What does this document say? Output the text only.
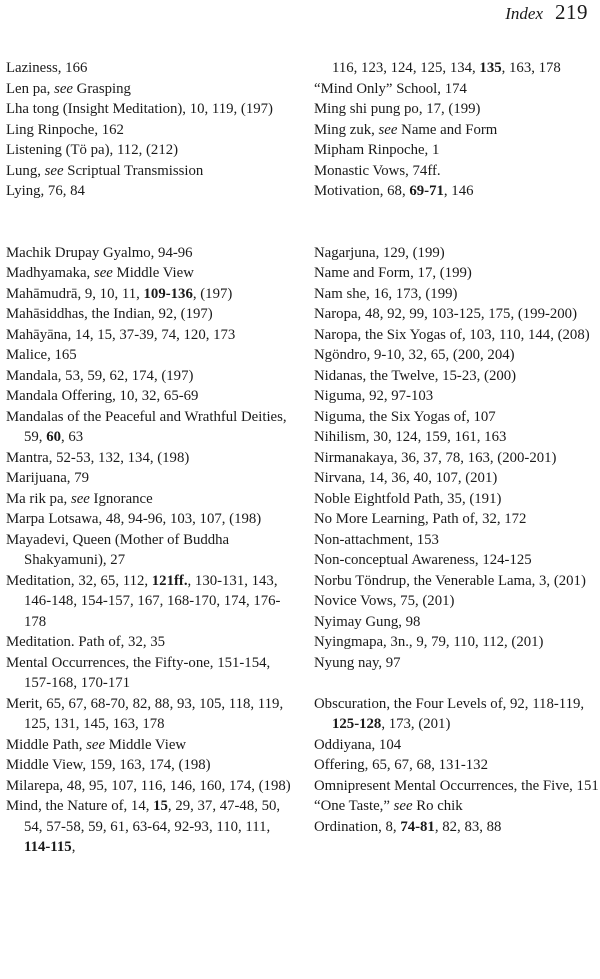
Index 219
Laziness, 166
Len pa, see Grasping
Lha tong (Insight Meditation), 10, 119, (197)
Ling Rinpoche, 162
Listening (Tö pa), 112, (212)
Lung, see Scriptual Transmission
Lying, 76, 84
Machik Drupay Gyalmo, 94-96
Madhyamaka, see Middle View
Mahāmudrā, 9, 10, 11, 109-136, (197)
Mahāsiddhas, the Indian, 92, (197)
Mahāyāna, 14, 15, 37-39, 74, 120, 173
Malice, 165
Mandala, 53, 59, 62, 174, (197)
Mandala Offering, 10, 32, 65-69
Mandalas of the Peaceful and Wrathful Deities, 59, 60, 63
Mantra, 52-53, 132, 134, (198)
Marijuana, 79
Ma rik pa, see Ignorance
Marpa Lotsawa, 48, 94-96, 103, 107, (198)
Mayadevi, Queen (Mother of Buddha Shakyamuni), 27
Meditation, 32, 65, 112, 121ff., 130-131, 143, 146-148, 154-157, 167, 168-170, 174, 176-178
Meditation. Path of, 32, 35
Mental Occurrences, the Fifty-one, 151-154, 157-168, 170-171
Merit, 65, 67, 68-70, 82, 88, 93, 105, 118, 119, 125, 131, 145, 163, 178
Middle Path, see Middle View
Middle View, 159, 163, 174, (198)
Milarepa, 48, 95, 107, 116, 146, 160, 174, (198)
Mind, the Nature of, 14, 15, 29, 37, 47-48, 50, 54, 57-58, 59, 61, 63-64, 92-93, 110, 111, 114-115,
116, 123, 124, 125, 134, 135, 163, 178
“Mind Only” School, 174
Ming shi pung po, 17, (199)
Ming zuk, see Name and Form
Mipham Rinpoche, 1
Monastic Vows, 74ff.
Motivation, 68, 69-71, 146
Nagarjuna, 129, (199)
Name and Form, 17, (199)
Nam she, 16, 173, (199)
Naropa, 48, 92, 99, 103-125, 175, (199-200)
Naropa, the Six Yogas of, 103, 110, 144, (208)
Ngöndro, 9-10, 32, 65, (200, 204)
Nidanas, the Twelve, 15-23, (200)
Niguma, 92, 97-103
Niguma, the Six Yogas of, 107
Nihilism, 30, 124, 159, 161, 163
Nirmanakaya, 36, 37, 78, 163, (200-201)
Nirvana, 14, 36, 40, 107, (201)
Noble Eightfold Path, 35, (191)
No More Learning, Path of, 32, 172
Non-attachment, 153
Non-conceptual Awareness, 124-125
Norbu Töndrup, the Venerable Lama, 3, (201)
Novice Vows, 75, (201)
Nyimay Gung, 98
Nyingmapa, 3n., 9, 79, 110, 112, (201)
Nyung nay, 97
Obscuration, the Four Levels of, 92, 118-119, 125-128, 173, (201)
Oddiyana, 104
Offering, 65, 67, 68, 131-132
Omnipresent Mental Occurrences, the Five, 151
“One Taste,” see Ro chik
Ordination, 8, 74-81, 82, 83, 88
